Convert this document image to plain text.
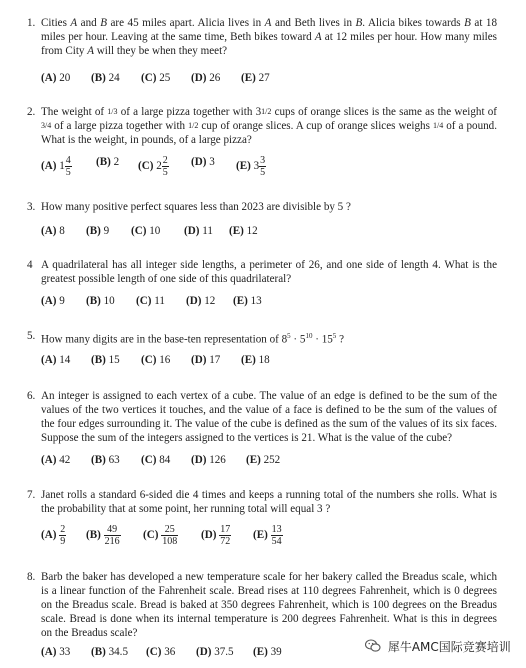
1. Cities A and B are 45 miles apart. Alicia lives in A and Beth lives in B. Alicia bikes towards B at 18 miles per hour. Leaving at the same time, Beth bikes toward A at 12 miles per hour. How many miles from City A will they be when they meet?
(A) 20 (B) 24 (C) 25 (D) 26 (E) 27
2. The weight of 1/3 of a large pizza together with 31/2 cups of orange slices is the same as the weight of 3/4 of a large pizza together with 1/2 cup of orange slices. A cup of orange slices weighs 1/4 of a pound. What is the weight, in pounds, of a large pizza?
(A) $1 \frac{4}{5} (B)$ 2 (C) $2 \frac{2}{5} (D)$ 3 (E) $3 \frac{3}{5}$
3. How many positive perfect squares less than 2023 are divisible by 5 ?
(A) 8 (B) 9 (C) 10 (D) 11 (E) 12
4 A quadrilateral has all integer side lengths, a perimeter of 26, and one side of length 4. What is the greatest possible length of one side of this quadrilateral?
(A) 9 (B) 10 (C) 11 (D) 12 (E) 13
5. How many digits are in the base-ten representation of $8^5 \cdot 5^{10} \cdot 15^5$ ?
(A) 14 (B) 15 (C) 16 (D) 17 (E) 18
6. An integer is assigned to each vertex of a cube. The value of an edge is defined to be the sum of the values of the two vertices it touches, and the value of a face is defined to be the sum of the values of the four edges surrounding it. The value of the cube is defined as the sum of the values of its six faces. Suppose the sum of the integers assigned to the vertices is 21. What is the value of the cube?
(A) 42 (B) 63 (C) 84 (D) 126 (E) 252
7. Janet rolls a standard 6-sided die 4 times and keeps a running total of the numbers she rolls. What is the probability that at some point, her running total will equal 3 ?
$(A) \frac{2}{9} (B) \frac{49}{216} (C) \frac{25}{108} (D) \frac{17}{72} (E) \frac{13}{54}$
8. Barb the baker has developed a new temperature scale for her bakery called the Breadus scale, which is a linear function of the Fahrenheit scale. Bread rises at 110 degrees Fahrenheit, which is 0 degrees on the Breadus scale. Bread is baked at 350 degrees Fahrenheit, which is 100 degrees on the Breadus scale. Bread is done when its internal temperature is 200 degrees Fahrenheit. What is this in degrees on the Breadus scale?
(A) 33 (B) 34.5 (C) 36 (D) 37.5 (E) 39	犀牛AMC国际竞赛培训
